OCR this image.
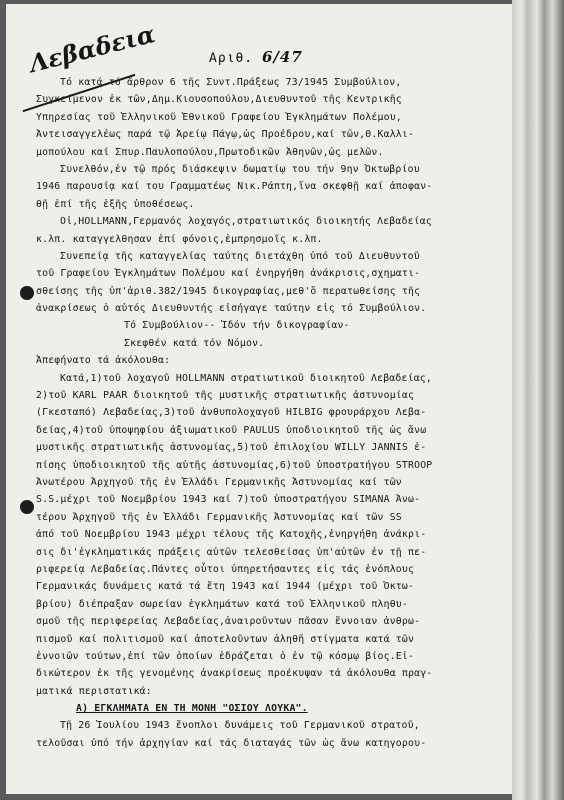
Λεβαδεια	Αριθ. 6/47
Τό κατά τό ἄρθρον 6 τῆς Συντ.Πράξεως 73/1945 Συμβούλιον,
Συγκείμενον ἐκ τῶν,Δημ.Κιουσοπούλου,Διευθυντοῦ τῆς Κεντρικῆς
Ὑπηρεσίας τοῦ Ἑλληνικοῦ Ἐθνικοῦ Γραφείου Ἐγκλημάτων Πολέμου,
Ἀντεισαγγελέως παρά τῷ Ἀρείῳ Πάγῳ,ὡς Προέδρου,καί τῶν,Θ.Καλλι-
μοπούλου καί Σπυρ.Παυλοπούλου,Πρωτοδικῶν Ἀθηνῶν,ὡς μελῶν.
Συνελθόν,ἐν τῷ πρός διάσκεψιν δωματίῳ του τήν 9ην Ὀκτωβρίου
1946 παρουσίᾳ καί του Γραμματέως Νικ.Ράπτη,ἵνα σκεφθῇ καί ἀποφαν-
θῇ ἐπί τῆς ἑξῆς ὑποθέσεως.
Οἱ,HOLLMANN,Γερμανός λοχαγός,στρατιωτικός διοικητής Λεβαδείας
κ.λπ. καταγγελθησαν ἐπί φόνοις,ἐμπρησμοῖς κ.λπ.
Συνεπείᾳ τῆς καταγγελίας ταύτης διετάχθη ὑπό τοῦ Διευθυντοῦ
τοῦ Γραφείου Ἐγκλημάτων Πολέμου καί ἐνηργήθη ἀνάκρισις,σχηματι-
σθείσης τῆς ὑπ'ἀριθ.382/1945 δικογραφίας,μεθ'ὅ περατωθείσης τῆς
ἀνακρίσεως ὁ αὐτός Διευθυντής εἰσήγαγε ταύτην εἰς τό Συμβούλιον.
Τό Συμβούλιον-- Ἰδόν τήν δικογραφίαν-
Σκεφθέν κατά τόν Νόμον.
Ἀπεφήνατο τά ἀκόλουθα:
Κατά,1)τοῦ λοχαγοῦ HOLLMANN στρατιωτικοῦ διοικητοῦ Λεβαδείας,
2)τοῦ KARL PAAR διοικητοῦ τῆς μυστικῆς στρατιωτικῆς ἀστυνομίας
(Γκεσταπό) Λεβαδείας,3)τοῦ ἀνθυπολοχαγοῦ HILBIG φρουράρχου Λεβα-
δείας,4)τοῦ ὑποψηφίου ἀξιωματικοῦ PAULUS ὑποδιοικητοῦ τῆς ὡς ἄνω
μυστικῆς στρατιωτικῆς ἀστυνομίας,5)τοῦ ἐπιλοχίου WILLY JANNIS ἐ-
πίσης ὑποδιοικητοῦ τῆς αὐτῆς ἀστυνομίας,6)τοῦ ὑποστρατήγου STROOP
Ἀνωτέρου Ἀρχηγοῦ τῆς ἐν Ἑλλάδι Γερμανικῆς Ἀστυνομίας καί τῶν
S.S.μέχρι τοῦ Νοεμβρίου 1943 καί 7)τοῦ ὑποστρατήγου SIMANA Ἀνω-
τέρου Ἀρχηγοῦ τῆς ἐν Ἑλλάδι Γερμανικῆς Ἀστυνομίας καί τῶν SS
ἀπό τοῦ Νοεμβρίου 1943 μέχρι τέλους τῆς Κατοχῆς,ἐνηργήθη ἀνάκρι-
σις δι'ἐγκληματικάς πράξεις αὐτῶν τελεσθείσας ὑπ'αὐτῶν ἐν τῇ πε-
ριφερείᾳ Λεβαδείας.Πάντες οὗτοι ὑπηρετήσαντες εἰς τάς ἐνόπλους
Γερμανικάς δυνάμεις κατά τά ἔτη 1943 καί 1944 (μέχρι τοῦ Ὀκτω-
βρίου) διέπραξαν σωρείαν ἐγκλημάτων κατά τοῦ Ἑλληνικοῦ πληθυ-
σμοῦ τῆς περιφερείας Λεβαδείας,ἀναιροῦντων πᾶσαν ἔννοιαν ἀνθρω-
πισμοῦ καί πολιτισμοῦ καί ἀποτελοῦντων ἀληθῆ στίγματα κατά τῶν
ἐννοιῶν τούτων,ἐπί τῶν ὁποίων ἑδράζεται ὁ ἐν τῷ κόσμῳ βίος.Εἰ-
δικώτερον ἐκ τῆς γενομένης ἀνακρίσεως προέκυψαν τά ἀκόλουθα πραγ-
ματικά περιστατικά:
Α) ΕΓΚΛΗΜΑΤΑ ΕΝ ΤΗ ΜΟΝΗ "ΟΣΙΟΥ ΛΟΥΚΑ".
Τῇ 26 Ἰουλίου 1943 ἔνοπλοι δυνάμεις τοῦ Γερμανικοῦ στρατοῦ,
τελοῦσαι ὑπό τήν ἀρχηγίαν καί τάς διαταγάς τῶν ὡς ἄνω κατηγορου-
